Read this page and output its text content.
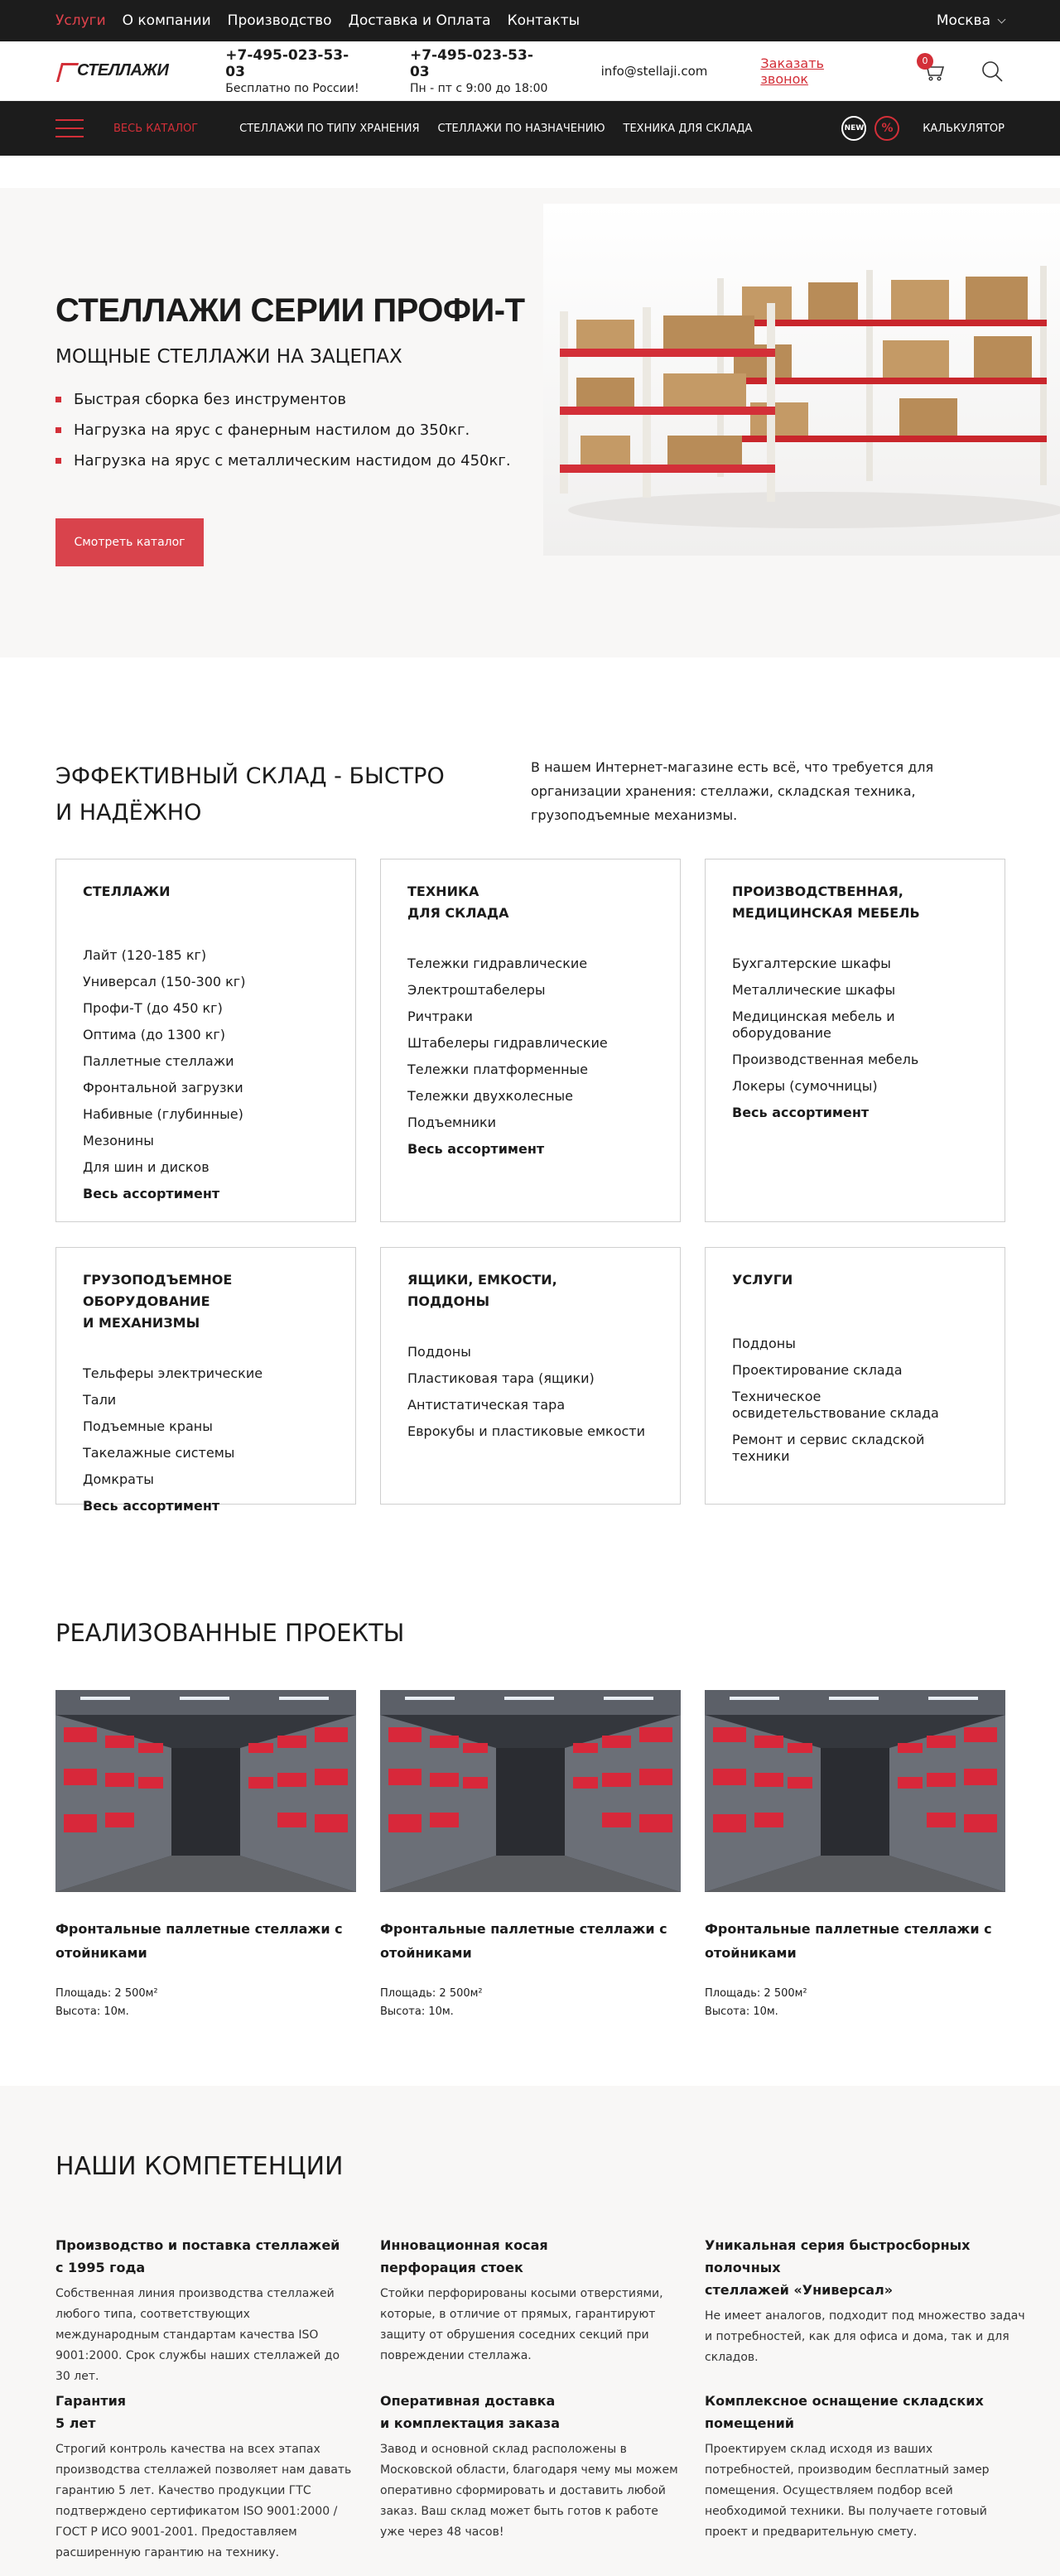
Услуги О компании Производство Доставка и Оплата Контакты	Москва
СТЕЛЛАЖИ
+7-495-023-53-03
Бесплатно по России!
+7-495-023-53-03
Пн - пт с 9:00 до 18:00
info@stellaji.com	Заказать звонок
0
ВЕСЬ КАТАЛОГ	СТЕЛЛАЖИ ПО ТИПУ ХРАНЕНИЯ СТЕЛЛАЖИ ПО НАЗНАЧЕНИЮ ТЕХНИКА ДЛЯ СКЛАДА	NEW	%	КАЛЬКУЛЯТОР
СТЕЛЛАЖИ СЕРИИ ПРОФИ-Т
МОЩНЫЕ СТЕЛЛАЖИ НА ЗАЦЕПАХ
Быстрая сборка без инструментов
Нагрузка на ярус с фанерным настилом до 350кг.
Нагрузка на ярус с металлическим настидом до 450кг.
Смотреть каталог
ЭФФЕКТИВНЫЙ СКЛАД - БЫСТРО И НАДЁЖНО
В нашем Интернет-магазине есть всё, что требуется для организации хранения: стеллажи, складская техника, грузоподъемные механизмы.
СТЕЛЛАЖИ
Лайт (120-185 кг)
Универсал (150-300 кг)
Профи-Т (до 450 кг)
Оптима (до 1300 кг)
Паллетные стеллажи
Фронтальной загрузки
Набивные (глубинные)
Мезонины
Для шин и дисков
Весь ассортимент
ТЕХНИКА
ДЛЯ СКЛАДА
Тележки гидравлические
Электроштабелеры
Ричтраки
Штабелеры гидравлические
Тележки платформенные
Тележки двухколесные
Подъемники
Весь ассортимент
ПРОИЗВОДСТВЕННАЯ,
МЕДИЦИНСКАЯ МЕБЕЛЬ
Бухгалтерские шкафы
Металлические шкафы
Медицинская мебель и оборудование
Производственная мебель
Локеры (сумочницы)
Весь ассортимент
ГРУЗОПОДЪЕМНОЕ ОБОРУДОВАНИЕ
И МЕХАНИЗМЫ
Тельферы электрические
Тали
Подъемные краны
Такелажные системы
Домкраты
Весь ассортимент
ЯЩИКИ, ЕМКОСТИ,
ПОДДОНЫ
Поддоны
Пластиковая тара (ящики)
Антистатическая тара
Еврокубы и пластиковые емкости
УСЛУГИ
Поддоны
Проектирование склада
Техническое освидетельствование склада
Ремонт и сервис складской техники
РЕАЛИЗОВАННЫЕ ПРОЕКТЫ
Фронтальные паллетные стеллажи с отойниками
Площадь: 2 500м²
Высота: 10м.
Фронтальные паллетные стеллажи с отойниками
Площадь: 2 500м²
Высота: 10м.
Фронтальные паллетные стеллажи с отойниками
Площадь: 2 500м²
Высота: 10м.
НАШИ КОМПЕТЕНЦИИ
Производство и поставка стеллажей
с 1995 года

Собственная линия производства стеллажей любого типа, соответствующих международным стандартам качества ISO 9001:2000. Срок службы наших стеллажей до 30 лет.

Инновационная косая
перфорация стоек

Стойки перфорированы косыми отверстиями, которые, в отличие от прямых, гарантируют защиту от обрушения соседних секций при повреждении стеллажа.

Уникальная серия быстросборных
полочных
стеллажей «Универсал»

Не имеет аналогов, подходит под множество задач и потребностей, как для офиса и дома, так и для складов.

Гарантия
5 лет

Строгий контроль качества на всех этапах производства стеллажей позволяет нам давать гарантию 5 лет. Качество продукции ГТС подтверждено сертификатом ISO 9001:2000 / ГОСТ Р ИСО 9001-2001. Предоставляем расширенную гарантию на технику.

Оперативная доставка
и комплектация заказа

Завод и основной склад расположены в Московской области, благодаря чему мы можем оперативно сформировать и доставить любой заказ. Ваш склад может быть готов к работе уже через 48 часов!

Комплексное оснащение складских
помещений

Проектируем склад исходя из ваших потребностей, производим бесплатный замер помещения. Осуществляем подбор всей необходимой техники. Вы получаете готовый проект и предварительную смету.
